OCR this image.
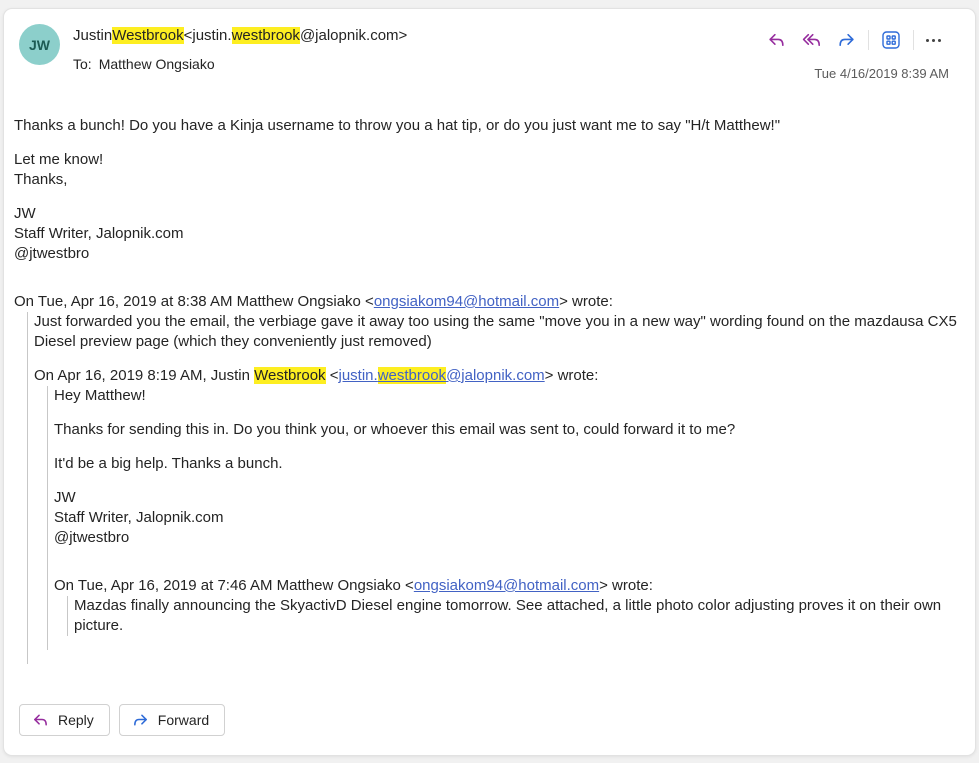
JW
JustinWestbrook<justin.westbrook@jalopnik.com>
To: Matthew Ongsiako
Tue 4/16/2019 8:39 AM
Thanks a bunch! Do you have a Kinja username to throw you a hat tip, or do you just want me to say "H/t Matthew!"
Let me know!
Thanks,
JW
Staff Writer, Jalopnik.com
@jtwestbro
On Tue, Apr 16, 2019 at 8:38 AM Matthew Ongsiako <ongsiakom94@hotmail.com> wrote:
Just forwarded you the email, the verbiage gave it away too using the same "move you in a new way" wording found on the mazdausa CX5 Diesel preview page (which they conveniently just removed)
On Apr 16, 2019 8:19 AM, Justin Westbrook <justin.westbrook@jalopnik.com> wrote:
Hey Matthew!
Thanks for sending this in. Do you think you, or whoever this email was sent to, could forward it to me?
It'd be a big help. Thanks a bunch.
JW
Staff Writer, Jalopnik.com
@jtwestbro
On Tue, Apr 16, 2019 at 7:46 AM Matthew Ongsiako <ongsiakom94@hotmail.com> wrote:
Mazdas finally announcing the SkyactivD Diesel engine tomorrow. See attached, a little photo color adjusting proves it on their own picture.
Reply	Forward
